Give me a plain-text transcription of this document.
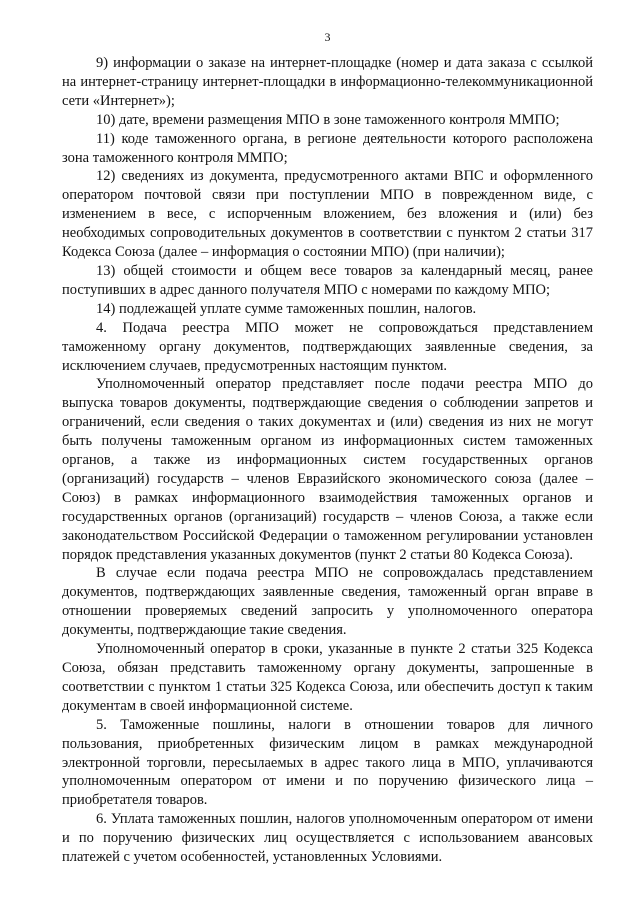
3

9) информации о заказе на интернет-площадке (номер и дата заказа с ссылкой на интернет-страницу интернет-площадки в информационно-телекоммуникационной сети «Интернет»);

10) дате, времени размещения МПО в зоне таможенного контроля ММПО;

11) коде таможенного органа, в регионе деятельности которого расположена зона таможенного контроля ММПО;

12) сведениях из документа, предусмотренного актами ВПС и оформленного оператором почтовой связи при поступлении МПО в поврежденном виде, с изменением в весе, с испорченным вложением, без вложения и (или) без необходимых сопроводительных документов в соответствии с пунктом 2 статьи 317 Кодекса Союза (далее – информация о состоянии МПО) (при наличии);

13) общей стоимости и общем весе товаров за календарный месяц, ранее поступивших в адрес данного получателя МПО с номерами по каждому МПО;

14) подлежащей уплате сумме таможенных пошлин, налогов.

4. Подача реестра МПО может не сопровождаться представлением таможенному органу документов, подтверждающих заявленные сведения, за исключением случаев, предусмотренных настоящим пунктом.

Уполномоченный оператор представляет после подачи реестра МПО до выпуска товаров документы, подтверждающие сведения о соблюдении запретов и ограничений, если сведения о таких документах и (или) сведения из них не могут быть получены таможенным органом из информационных систем таможенных органов, а также из информационных систем государственных органов (организаций) государств – членов Евразийского экономического союза (далее – Союз) в рамках информационного взаимодействия таможенных органов и государственных органов (организаций) государств – членов Союза, а также если законодательством Российской Федерации о таможенном регулировании установлен порядок представления указанных документов (пункт 2 статьи 80 Кодекса Союза).

В случае если подача реестра МПО не сопровождалась представлением документов, подтверждающих заявленные сведения, таможенный орган вправе в отношении проверяемых сведений запросить у уполномоченного оператора документы, подтверждающие такие сведения.

Уполномоченный оператор в сроки, указанные в пункте 2 статьи 325 Кодекса Союза, обязан представить таможенному органу документы, запрошенные в соответствии с пунктом 1 статьи 325 Кодекса Союза, или обеспечить доступ к таким документам в своей информационной системе.

5. Таможенные пошлины, налоги в отношении товаров для личного пользования, приобретенных физическим лицом в рамках международной электронной торговли, пересылаемых в адрес такого лица в МПО, уплачиваются уполномоченным оператором от имени и по поручению физического лица – приобретателя товаров.

6. Уплата таможенных пошлин, налогов уполномоченным оператором от имени и по поручению физических лиц осуществляется с использованием авансовых платежей с учетом особенностей, установленных Условиями.
